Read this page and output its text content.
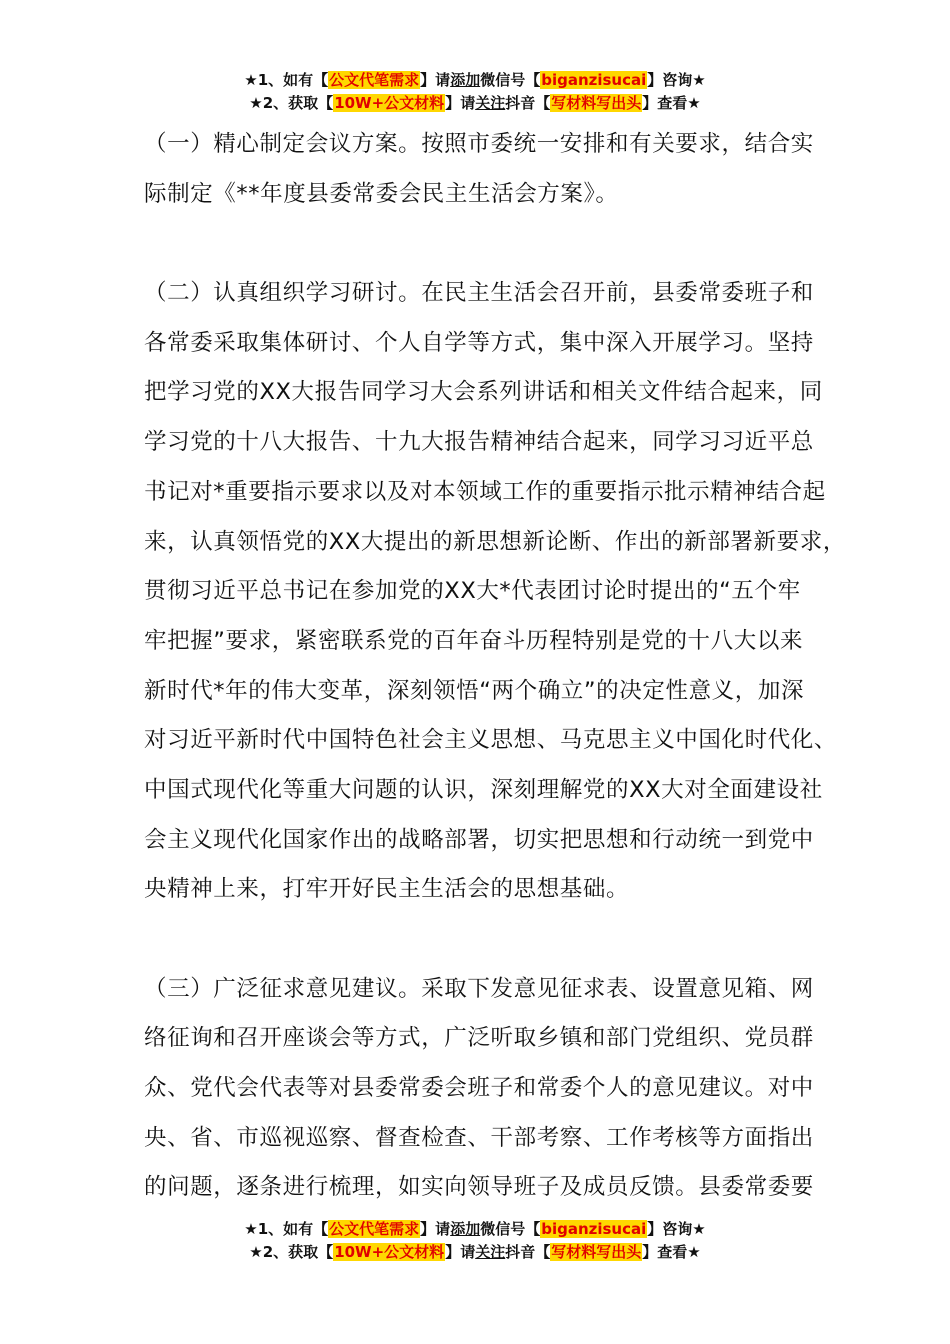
★1、如有【公文代笔需求】请添加微信号【biganzisucai】咨询★
★2、获取【10W+公文材料】请关注抖音【写材料写出头】查看★

（一）精心制定会议方案。按照市委统一安排和有关要求，结合实
际制定《**年度县委常委会民主生活会方案》。

（二）认真组织学习研讨。在民主生活会召开前，县委常委班子和
各常委采取集体研讨、个人自学等方式，集中深入开展学习。坚持
把学习党的XX大报告同学习大会系列讲话和相关文件结合起来，同
学习党的十八大报告、十九大报告精神结合起来，同学习习近平总
书记对*重要指示要求以及对本领域工作的重要指示批示精神结合起
来，认真领悟党的XX大提出的新思想新论断、作出的新部署新要求，
贯彻习近平总书记在参加党的XX大*代表团讨论时提出的“五个牢
牢把握”要求，紧密联系党的百年奋斗历程特别是党的十八大以来
新时代*年的伟大变革，深刻领悟“两个确立”的决定性意义，加深
对习近平新时代中国特色社会主义思想、马克思主义中国化时代化、
中国式现代化等重大问题的认识，深刻理解党的XX大对全面建设社
会主义现代化国家作出的战略部署，切实把思想和行动统一到党中
央精神上来，打牢开好民主生活会的思想基础。

（三）广泛征求意见建议。采取下发意见征求表、设置意见箱、网
络征询和召开座谈会等方式，广泛听取乡镇和部门党组织、党员群
众、党代会代表等对县委常委会班子和常委个人的意见建议。对中
央、省、市巡视巡察、督查检查、干部考察、工作考核等方面指出
的问题，逐条进行梳理，如实向领导班子及成员反馈。县委常委要

★1、如有【公文代笔需求】请添加微信号【biganzisucai】咨询★
★2、获取【10W+公文材料】请关注抖音【写材料写出头】查看★
